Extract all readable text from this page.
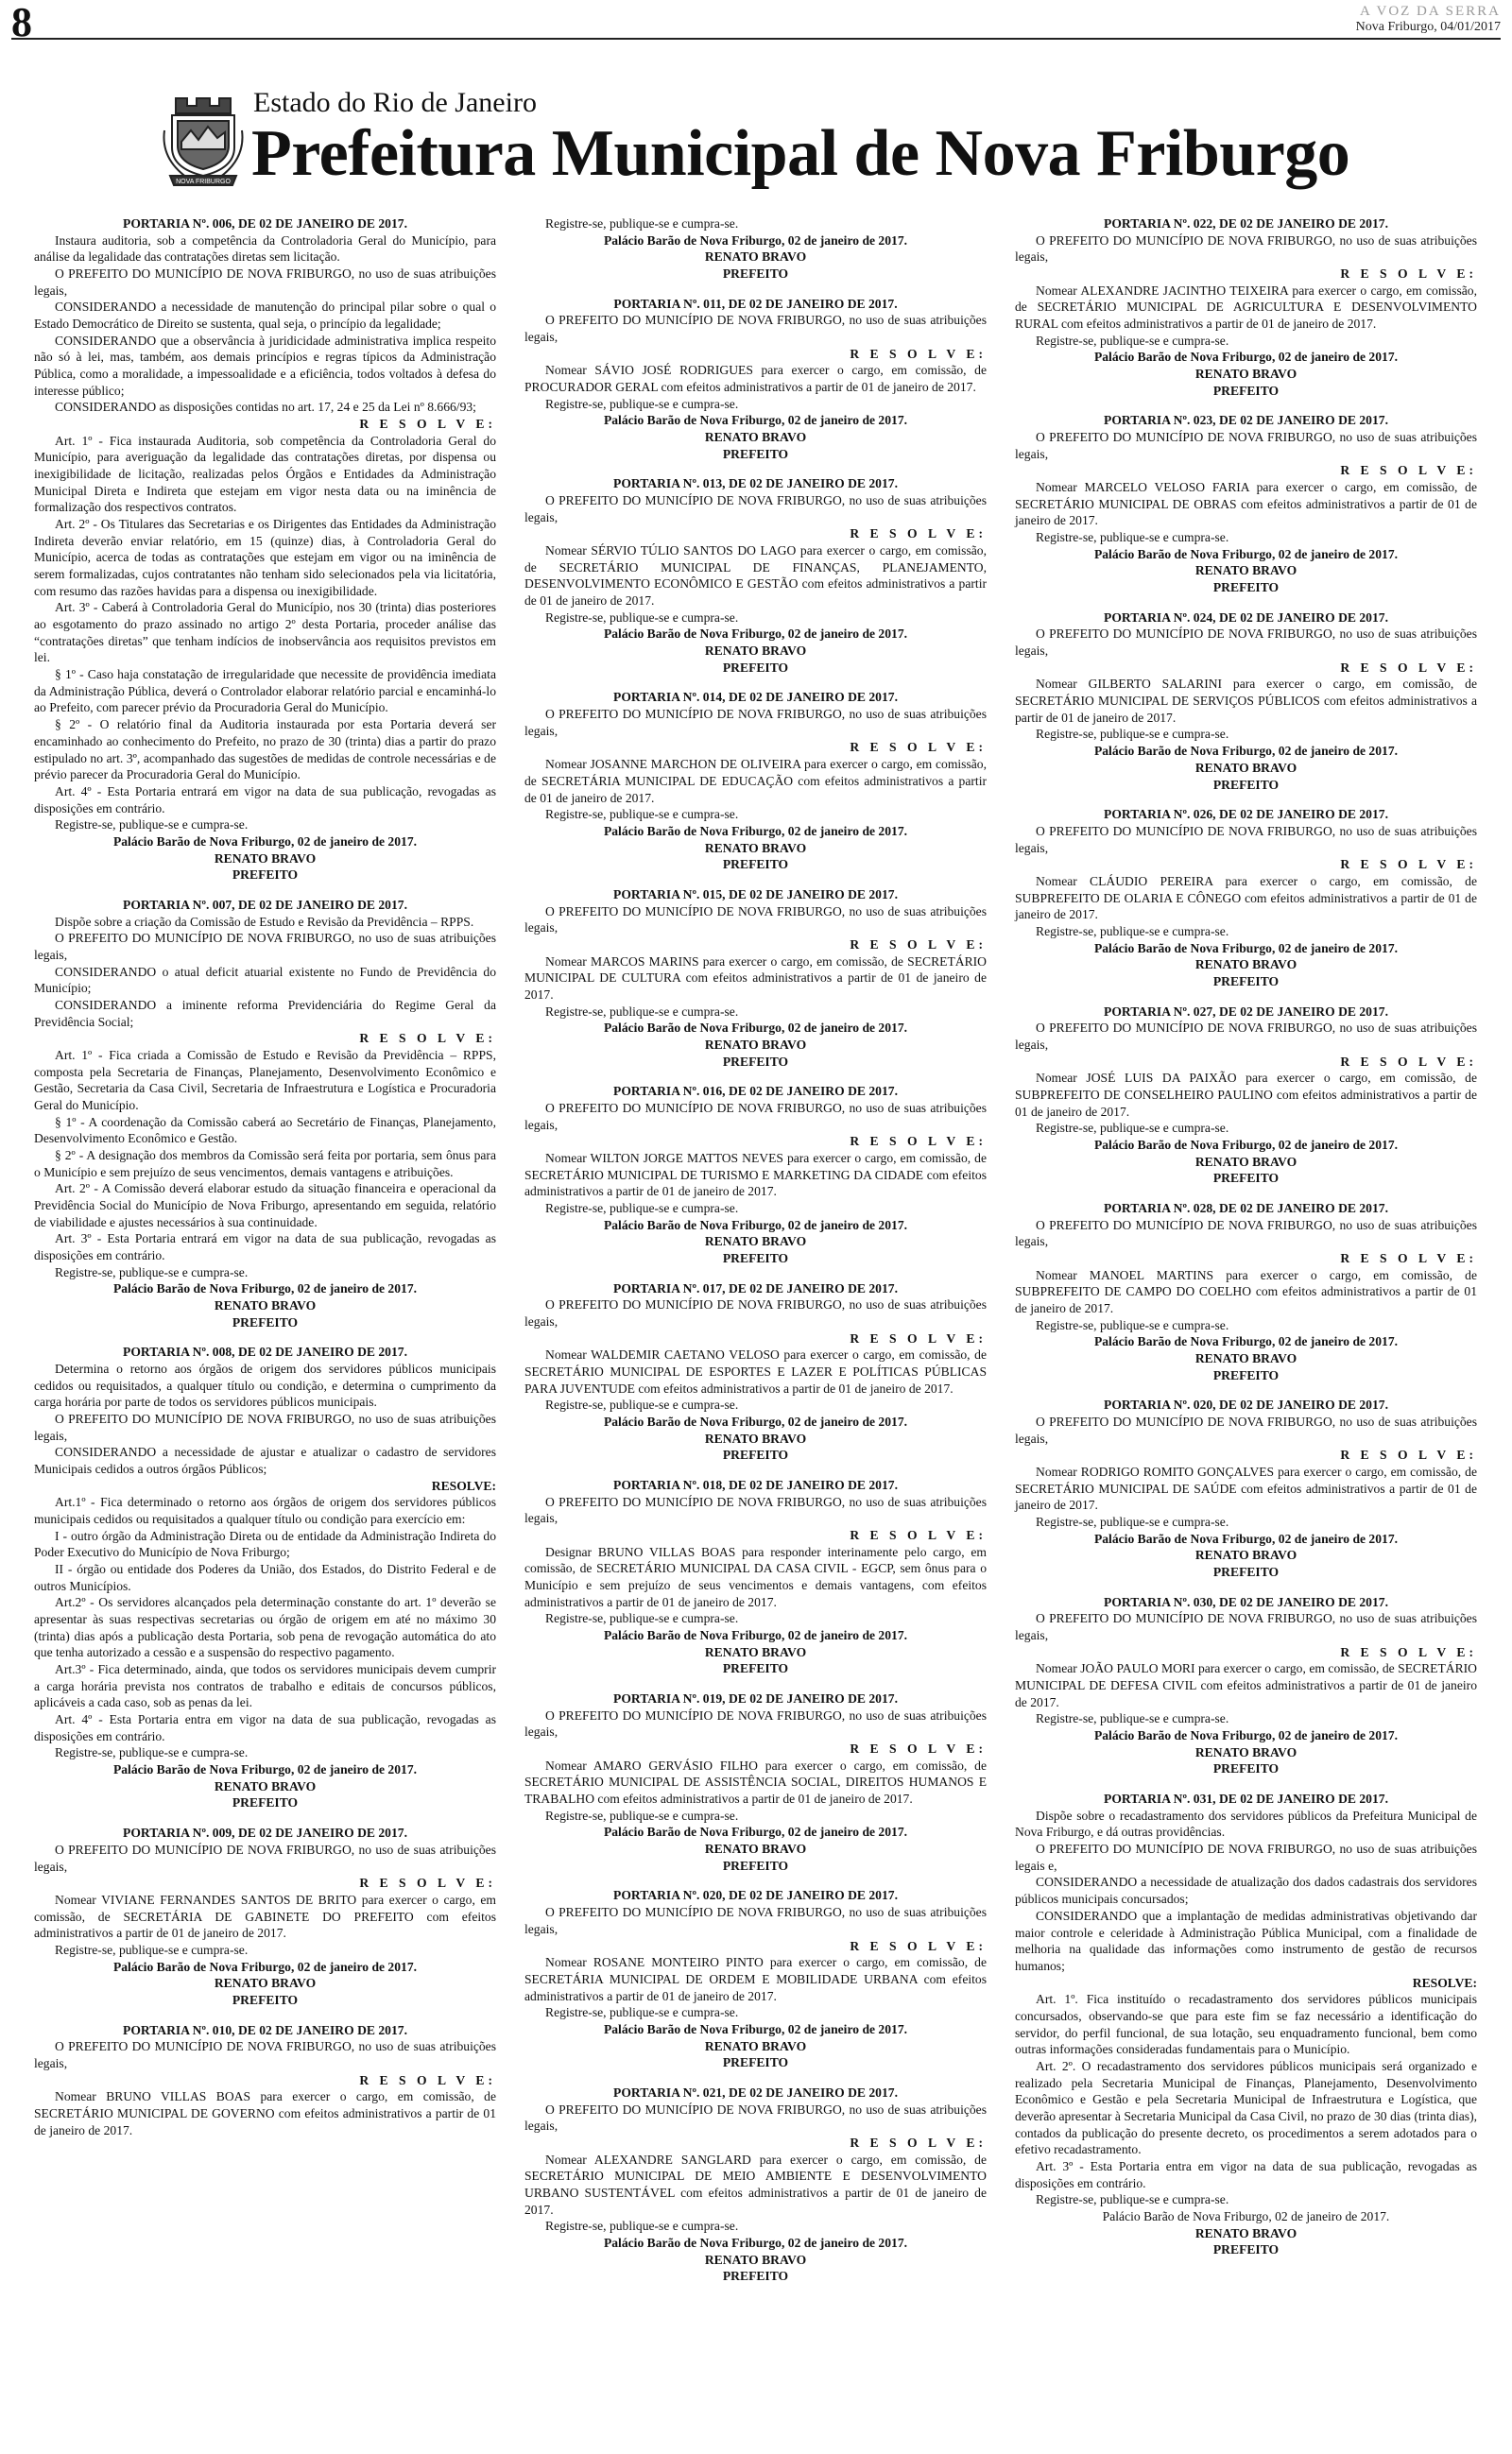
8	A VOZ DA SERRA
Nova Friburgo, 04/01/2017
NOVA FRIBURGO
Estado do Rio de Janeiro
Prefeitura Municipal de Nova Friburgo

PORTARIA Nº. 006, DE 02 DE JANEIRO DE 2017.

Instaura auditoria, sob a competência da Controladoria Geral do Município, para análise da legalidade das contratações diretas sem licitação.

O PREFEITO DO MUNICÍPIO DE NOVA FRIBURGO, no uso de suas atribuições legais,

CONSIDERANDO a necessidade de manutenção do principal pilar sobre o qual o Estado Democrático de Direito se sustenta, qual seja, o princípio da legalidade;

CONSIDERANDO que a observância à juridicidade administrativa implica respeito não só à lei, mas, também, aos demais princípios e regras típicos da Administração Pública, como a moralidade, a impessoalidade e a eficiência, todos voltados à defesa do interesse público;

CONSIDERANDO as disposições contidas no art. 17, 24 e 25 da Lei nº 8.666/93;

R E S O L V E:

Art. 1º - Fica instaurada Auditoria, sob competência da Controladoria Geral do Município, para averiguação da legalidade das contratações diretas, por dispensa ou inexigibilidade de licitação, realizadas pelos Órgãos e Entidades da Administração Municipal Direta e Indireta que estejam em vigor nesta data ou na iminência de formalização dos respectivos contratos.

Art. 2º - Os Titulares das Secretarias e os Dirigentes das Entidades da Administração Indireta deverão enviar relatório, em 15 (quinze) dias, à Controladoria Geral do Município, acerca de todas as contratações que estejam em vigor ou na iminência de serem formalizadas, cujos contratantes não tenham sido selecionados pela via licitatória, com resumo das razões havidas para a dispensa ou inexigibilidade.

Art. 3º - Caberá à Controladoria Geral do Município, nos 30 (trinta) dias posteriores ao esgotamento do prazo assinado no artigo 2º desta Portaria, proceder análise das “contratações diretas” que tenham indícios de inobservância aos requisitos previstos em lei.

§ 1º - Caso haja constatação de irregularidade que necessite de providência imediata da Administração Pública, deverá o Controlador elaborar relatório parcial e encaminhá-lo ao Prefeito, com parecer prévio da Procuradoria Geral do Município.

§ 2º - O relatório final da Auditoria instaurada por esta Portaria deverá ser encaminhado ao conhecimento do Prefeito, no prazo de 30 (trinta) dias a partir do prazo estipulado no art. 3º, acompanhado das sugestões de medidas de controle necessárias e de prévio parecer da Procuradoria Geral do Município.

Art. 4º - Esta Portaria entrará em vigor na data de sua publicação, revogadas as disposições em contrário.

Registre-se, publique-se e cumpra-se.

Palácio Barão de Nova Friburgo, 02 de janeiro de 2017.

RENATO BRAVO

PREFEITO

PORTARIA Nº. 007, DE 02 DE JANEIRO DE 2017.

Dispõe sobre a criação da Comissão de Estudo e Revisão da Previdência – RPPS.

O PREFEITO DO MUNICÍPIO DE NOVA FRIBURGO, no uso de suas atribuições legais,

CONSIDERANDO o atual deficit atuarial existente no Fundo de Previdência do Município;

CONSIDERANDO a iminente reforma Previdenciária do Regime Geral da Previdência Social;

R E S O L V E:

Art. 1º - Fica criada a Comissão de Estudo e Revisão da Previdência – RPPS, composta pela Secretaria de Finanças, Planejamento, Desenvolvimento Econômico e Gestão, Secretaria da Casa Civil, Secretaria de Infraestrutura e Logística e Procuradoria Geral do Município.

§ 1º - A coordenação da Comissão caberá ao Secretário de Finanças, Planejamento, Desenvolvimento Econômico e Gestão.

§ 2º - A designação dos membros da Comissão será feita por portaria, sem ônus para o Município e sem prejuízo de seus vencimentos, demais vantagens e atribuições.

Art. 2º - A Comissão deverá elaborar estudo da situação financeira e operacional da Previdência Social do Município de Nova Friburgo, apresentando em seguida, relatório de viabilidade e ajustes necessários à sua continuidade.

Art. 3º - Esta Portaria entrará em vigor na data de sua publicação, revogadas as disposições em contrário.

Registre-se, publique-se e cumpra-se.

Palácio Barão de Nova Friburgo, 02 de janeiro de 2017.

RENATO BRAVO

PREFEITO

PORTARIA Nº. 008, DE 02 DE JANEIRO DE 2017.

Determina o retorno aos órgãos de origem dos servidores públicos municipais cedidos ou requisitados, a qualquer título ou condição, e determina o cumprimento da carga horária por parte de todos os servidores públicos municipais.

O PREFEITO DO MUNICÍPIO DE NOVA FRIBURGO, no uso de suas atribuições legais,

CONSIDERANDO a necessidade de ajustar e atualizar o cadastro de servidores Municipais cedidos a outros órgãos Públicos;

RESOLVE:

Art.1º - Fica determinado o retorno aos órgãos de origem dos servidores públicos municipais cedidos ou requisitados a qualquer título ou condição para exercício em:

I - outro órgão da Administração Direta ou de entidade da Administração Indireta do Poder Executivo do Município de Nova Friburgo;

II - órgão ou entidade dos Poderes da União, dos Estados, do Distrito Federal e de outros Municípios.

Art.2º - Os servidores alcançados pela determinação constante do art. 1º deverão se apresentar às suas respectivas secretarias ou órgão de origem em até no máximo 30 (trinta) dias após a publicação desta Portaria, sob pena de revogação automática do ato que tenha autorizado a cessão e a suspensão do respectivo pagamento.

Art.3º - Fica determinado, ainda, que todos os servidores municipais devem cumprir a carga horária prevista nos contratos de trabalho e editais de concursos públicos, aplicáveis a cada caso, sob as penas da lei.

Art. 4º - Esta Portaria entra em vigor na data de sua publicação, revogadas as disposições em contrário.

Registre-se, publique-se e cumpra-se.

Palácio Barão de Nova Friburgo, 02 de janeiro de 2017.

RENATO BRAVO

PREFEITO

PORTARIA Nº. 009, DE 02 DE JANEIRO DE 2017.

O PREFEITO DO MUNICÍPIO DE NOVA FRIBURGO, no uso de suas atribuições legais,

R E S O L V E:

Nomear VIVIANE FERNANDES SANTOS DE BRITO para exercer o cargo, em comissão, de SECRETÁRIA DE GABINETE DO PREFEITO com efeitos administrativos a partir de 01 de janeiro de 2017.

Registre-se, publique-se e cumpra-se.

Palácio Barão de Nova Friburgo, 02 de janeiro de 2017.

RENATO BRAVO

PREFEITO

PORTARIA Nº. 010, DE 02 DE JANEIRO DE 2017.

O PREFEITO DO MUNICÍPIO DE NOVA FRIBURGO, no uso de suas atribuições legais,

R E S O L V E:

Nomear BRUNO VILLAS BOAS para exercer o cargo, em comissão, de SECRETÁRIO MUNICIPAL DE GOVERNO com efeitos administrativos a partir de 01 de janeiro de 2017.

Registre-se, publique-se e cumpra-se.

Palácio Barão de Nova Friburgo, 02 de janeiro de 2017.

RENATO BRAVO

PREFEITO

PORTARIA Nº. 011, DE 02 DE JANEIRO DE 2017.

O PREFEITO DO MUNICÍPIO DE NOVA FRIBURGO, no uso de suas atribuições legais,

R E S O L V E:

Nomear SÁVIO JOSÉ RODRIGUES para exercer o cargo, em comissão, de PROCURADOR GERAL com efeitos administrativos a partir de 01 de janeiro de 2017.

Registre-se, publique-se e cumpra-se.

Palácio Barão de Nova Friburgo, 02 de janeiro de 2017.

RENATO BRAVO

PREFEITO

PORTARIA Nº. 013, DE 02 DE JANEIRO DE 2017.

O PREFEITO DO MUNICÍPIO DE NOVA FRIBURGO, no uso de suas atribuições legais,

R E S O L V E:

Nomear SÉRVIO TÚLIO SANTOS DO LAGO para exercer o cargo, em comissão, de SECRETÁRIO MUNICIPAL DE FINANÇAS, PLANEJAMENTO, DESENVOLVIMENTO ECONÔMICO E GESTÃO com efeitos administrativos a partir de 01 de janeiro de 2017.

Registre-se, publique-se e cumpra-se.

Palácio Barão de Nova Friburgo, 02 de janeiro de 2017.

RENATO BRAVO

PREFEITO

PORTARIA Nº. 014, DE 02 DE JANEIRO DE 2017.

O PREFEITO DO MUNICÍPIO DE NOVA FRIBURGO, no uso de suas atribuições legais,

R E S O L V E:

Nomear JOSANNE MARCHON DE OLIVEIRA para exercer o cargo, em comissão, de SECRETÁRIA MUNICIPAL DE EDUCAÇÃO com efeitos administrativos a partir de 01 de janeiro de 2017.

Registre-se, publique-se e cumpra-se.

Palácio Barão de Nova Friburgo, 02 de janeiro de 2017.

RENATO BRAVO

PREFEITO

PORTARIA Nº. 015, DE 02 DE JANEIRO DE 2017.

O PREFEITO DO MUNICÍPIO DE NOVA FRIBURGO, no uso de suas atribuições legais,

R E S O L V E:

Nomear MARCOS MARINS para exercer o cargo, em comissão, de SECRETÁRIO MUNICIPAL DE CULTURA com efeitos administrativos a partir de 01 de janeiro de 2017.

Registre-se, publique-se e cumpra-se.

Palácio Barão de Nova Friburgo, 02 de janeiro de 2017.

RENATO BRAVO

PREFEITO

PORTARIA Nº. 016, DE 02 DE JANEIRO DE 2017.

O PREFEITO DO MUNICÍPIO DE NOVA FRIBURGO, no uso de suas atribuições legais,

R E S O L V E:

Nomear WILTON JORGE MATTOS NEVES para exercer o cargo, em comissão, de SECRETÁRIO MUNICIPAL DE TURISMO E MARKETING DA CIDADE com efeitos administrativos a partir de 01 de janeiro de 2017.

Registre-se, publique-se e cumpra-se.

Palácio Barão de Nova Friburgo, 02 de janeiro de 2017.

RENATO BRAVO

PREFEITO

PORTARIA Nº. 017, DE 02 DE JANEIRO DE 2017.

O PREFEITO DO MUNICÍPIO DE NOVA FRIBURGO, no uso de suas atribuições legais,

R E S O L V E:

Nomear WALDEMIR CAETANO VELOSO para exercer o cargo, em comissão, de SECRETÁRIO MUNICIPAL DE ESPORTES E LAZER E POLÍTICAS PÚBLICAS PARA JUVENTUDE com efeitos administrativos a partir de 01 de janeiro de 2017.

Registre-se, publique-se e cumpra-se.

Palácio Barão de Nova Friburgo, 02 de janeiro de 2017.

RENATO BRAVO

PREFEITO

PORTARIA Nº. 018, DE 02 DE JANEIRO DE 2017.

O PREFEITO DO MUNICÍPIO DE NOVA FRIBURGO, no uso de suas atribuições legais,

R E S O L V E:

Designar BRUNO VILLAS BOAS para responder interinamente pelo cargo, em comissão, de SECRETÁRIO MUNICIPAL DA CASA CIVIL - EGCP, sem ônus para o Município e sem prejuízo de seus vencimentos e demais vantagens, com efeitos administrativos a partir de 01 de janeiro de 2017.

Registre-se, publique-se e cumpra-se.

Palácio Barão de Nova Friburgo, 02 de janeiro de 2017.

RENATO BRAVO

PREFEITO

PORTARIA Nº. 019, DE 02 DE JANEIRO DE 2017.

O PREFEITO DO MUNICÍPIO DE NOVA FRIBURGO, no uso de suas atribuições legais,

R E S O L V E:

Nomear AMARO GERVÁSIO FILHO para exercer o cargo, em comissão, de SECRETÁRIO MUNICIPAL DE ASSISTÊNCIA SOCIAL, DIREITOS HUMANOS E TRABALHO com efeitos administrativos a partir de 01 de janeiro de 2017.

Registre-se, publique-se e cumpra-se.

Palácio Barão de Nova Friburgo, 02 de janeiro de 2017.

RENATO BRAVO

PREFEITO

PORTARIA Nº. 020, DE 02 DE JANEIRO DE 2017.

O PREFEITO DO MUNICÍPIO DE NOVA FRIBURGO, no uso de suas atribuições legais,

R E S O L V E:

Nomear ROSANE MONTEIRO PINTO para exercer o cargo, em comissão, de SECRETÁRIA MUNICIPAL DE ORDEM E MOBILIDADE URBANA com efeitos administrativos a partir de 01 de janeiro de 2017.

Registre-se, publique-se e cumpra-se.

Palácio Barão de Nova Friburgo, 02 de janeiro de 2017.

RENATO BRAVO

PREFEITO

PORTARIA Nº. 021, DE 02 DE JANEIRO DE 2017.

O PREFEITO DO MUNICÍPIO DE NOVA FRIBURGO, no uso de suas atribuições legais,

R E S O L V E:

Nomear ALEXANDRE SANGLARD para exercer o cargo, em comissão, de SECRETÁRIO MUNICIPAL DE MEIO AMBIENTE E DESENVOLVIMENTO URBANO SUSTENTÁVEL com efeitos administrativos a partir de 01 de janeiro de 2017.

Registre-se, publique-se e cumpra-se.

Palácio Barão de Nova Friburgo, 02 de janeiro de 2017.

RENATO BRAVO

PREFEITO

PORTARIA Nº. 022, DE 02 DE JANEIRO DE 2017.

O PREFEITO DO MUNICÍPIO DE NOVA FRIBURGO, no uso de suas atribuições legais,

R E S O L V E:

Nomear ALEXANDRE JACINTHO TEIXEIRA para exercer o cargo, em comissão, de SECRETÁRIO MUNICIPAL DE AGRICULTURA E DESENVOLVIMENTO RURAL com efeitos administrativos a partir de 01 de janeiro de 2017.

Registre-se, publique-se e cumpra-se.

Palácio Barão de Nova Friburgo, 02 de janeiro de 2017.

RENATO BRAVO

PREFEITO

PORTARIA Nº. 023, DE 02 DE JANEIRO DE 2017.

O PREFEITO DO MUNICÍPIO DE NOVA FRIBURGO, no uso de suas atribuições legais,

R E S O L V E:

Nomear MARCELO VELOSO FARIA para exercer o cargo, em comissão, de SECRETÁRIO MUNICIPAL DE OBRAS com efeitos administrativos a partir de 01 de janeiro de 2017.

Registre-se, publique-se e cumpra-se.

Palácio Barão de Nova Friburgo, 02 de janeiro de 2017.

RENATO BRAVO

PREFEITO

PORTARIA Nº. 024, DE 02 DE JANEIRO DE 2017.

O PREFEITO DO MUNICÍPIO DE NOVA FRIBURGO, no uso de suas atribuições legais,

R E S O L V E:

Nomear GILBERTO SALARINI para exercer o cargo, em comissão, de SECRETÁRIO MUNICIPAL DE SERVIÇOS PÚBLICOS com efeitos administrativos a partir de 01 de janeiro de 2017.

Registre-se, publique-se e cumpra-se.

Palácio Barão de Nova Friburgo, 02 de janeiro de 2017.

RENATO BRAVO

PREFEITO

PORTARIA Nº. 026, DE 02 DE JANEIRO DE 2017.

O PREFEITO DO MUNICÍPIO DE NOVA FRIBURGO, no uso de suas atribuições legais,

R E S O L V E:

Nomear CLÁUDIO PEREIRA para exercer o cargo, em comissão, de SUBPREFEITO DE OLARIA E CÔNEGO com efeitos administrativos a partir de 01 de janeiro de 2017.

Registre-se, publique-se e cumpra-se.

Palácio Barão de Nova Friburgo, 02 de janeiro de 2017.

RENATO BRAVO

PREFEITO

PORTARIA Nº. 027, DE 02 DE JANEIRO DE 2017.

O PREFEITO DO MUNICÍPIO DE NOVA FRIBURGO, no uso de suas atribuições legais,

R E S O L V E:

Nomear JOSÉ LUIS DA PAIXÃO para exercer o cargo, em comissão, de SUBPREFEITO DE CONSELHEIRO PAULINO com efeitos administrativos a partir de 01 de janeiro de 2017.

Registre-se, publique-se e cumpra-se.

Palácio Barão de Nova Friburgo, 02 de janeiro de 2017.

RENATO BRAVO

PREFEITO

PORTARIA Nº. 028, DE 02 DE JANEIRO DE 2017.

O PREFEITO DO MUNICÍPIO DE NOVA FRIBURGO, no uso de suas atribuições legais,

R E S O L V E:

Nomear MANOEL MARTINS para exercer o cargo, em comissão, de SUBPREFEITO DE CAMPO DO COELHO com efeitos administrativos a partir de 01 de janeiro de 2017.

Registre-se, publique-se e cumpra-se.

Palácio Barão de Nova Friburgo, 02 de janeiro de 2017.

RENATO BRAVO

PREFEITO

PORTARIA Nº. 020, DE 02 DE JANEIRO DE 2017.

O PREFEITO DO MUNICÍPIO DE NOVA FRIBURGO, no uso de suas atribuições legais,

R E S O L V E:

Nomear RODRIGO ROMITO GONÇALVES para exercer o cargo, em comissão, de SECRETÁRIO MUNICIPAL DE SAÚDE com efeitos administrativos a partir de 01 de janeiro de 2017.

Registre-se, publique-se e cumpra-se.

Palácio Barão de Nova Friburgo, 02 de janeiro de 2017.

RENATO BRAVO

PREFEITO

PORTARIA Nº. 030, DE 02 DE JANEIRO DE 2017.

O PREFEITO DO MUNICÍPIO DE NOVA FRIBURGO, no uso de suas atribuições legais,

R E S O L V E:

Nomear JOÃO PAULO MORI para exercer o cargo, em comissão, de SECRETÁRIO MUNICIPAL DE DEFESA CIVIL com efeitos administrativos a partir de 01 de janeiro de 2017.

Registre-se, publique-se e cumpra-se.

Palácio Barão de Nova Friburgo, 02 de janeiro de 2017.

RENATO BRAVO

PREFEITO

PORTARIA Nº. 031, DE 02 DE JANEIRO DE 2017.

Dispõe sobre o recadastramento dos servidores públicos da Prefeitura Municipal de Nova Friburgo, e dá outras providências.

O PREFEITO DO MUNICÍPIO DE NOVA FRIBURGO, no uso de suas atribuições legais e,

CONSIDERANDO a necessidade de atualização dos dados cadastrais dos servidores públicos municipais concursados;

CONSIDERANDO que a implantação de medidas administrativas objetivando dar maior controle e celeridade à Administração Pública Municipal, com a finalidade de melhoria na qualidade das informações como instrumento de gestão de recursos humanos;

RESOLVE:

Art. 1º. Fica instituído o recadastramento dos servidores públicos municipais concursados, observando-se que para este fim se faz necessário a identificação do servidor, do perfil funcional, de sua lotação, seu enquadramento funcional, bem como outras informações consideradas fundamentais para o Município.

Art. 2º. O recadastramento dos servidores públicos municipais será organizado e realizado pela Secretaria Municipal de Finanças, Planejamento, Desenvolvimento Econômico e Gestão e pela Secretaria Municipal de Infraestrutura e Logística, que deverão apresentar à Secretaria Municipal da Casa Civil, no prazo de 30 dias (trinta dias), contados da publicação do presente decreto, os procedimentos a serem adotados para o efetivo recadastramento.

Art. 3º - Esta Portaria entra em vigor na data de sua publicação, revogadas as disposições em contrário.

Registre-se, publique-se e cumpra-se.

Palácio Barão de Nova Friburgo, 02 de janeiro de 2017.

RENATO BRAVO

PREFEITO
